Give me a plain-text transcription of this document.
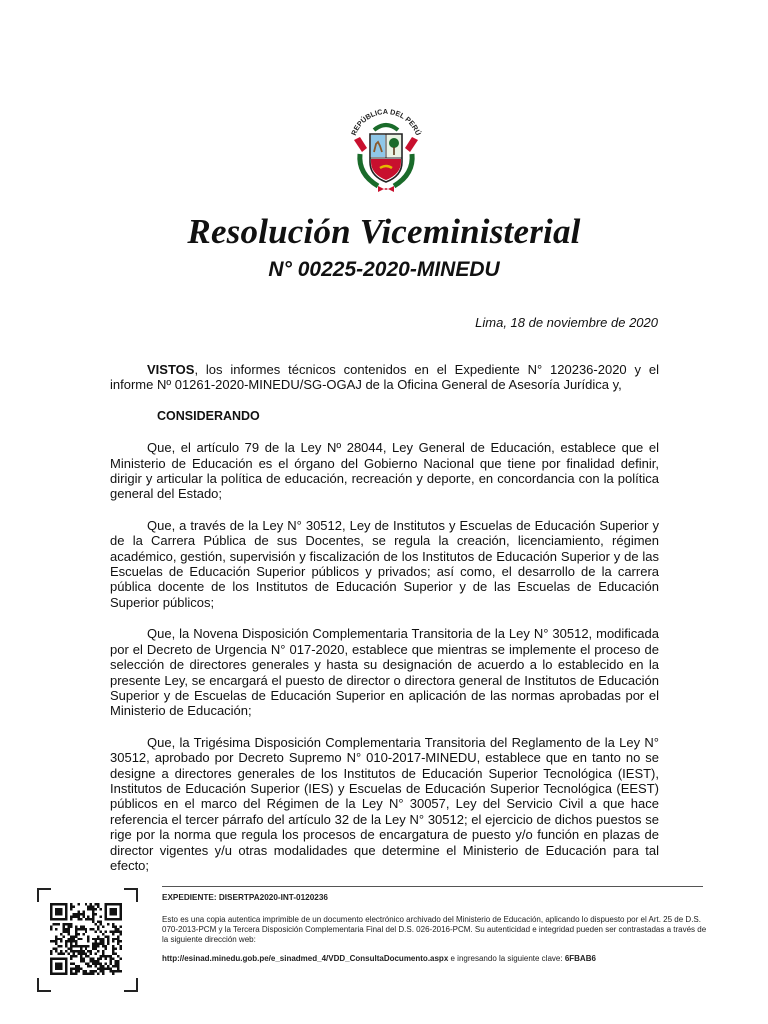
REPÚBLICA DEL PERÚ
Resolución Viceministerial
N° 00225-2020-MINEDU
Lima, 18 de noviembre de 2020

VISTOS, los informes técnicos contenidos en el Expediente N° 120236-2020 y el informe Nº 01261-2020-MINEDU/SG-OGAJ de la Oficina General de Asesoría Jurídica y,

CONSIDERANDO

Que, el artículo 79 de la Ley Nº 28044, Ley General de Educación, establece que el Ministerio de Educación es el órgano del Gobierno Nacional que tiene por finalidad definir, dirigir y articular la política de educación, recreación y deporte, en concordancia con la política general del Estado;

Que, a través de la Ley N° 30512, Ley de Institutos y Escuelas de Educación Superior y de la Carrera Pública de sus Docentes, se regula la creación, licenciamiento, régimen académico, gestión, supervisión y fiscalización de los Institutos de Educación Superior y de las Escuelas de Educación Superior públicos y privados; así como, el desarrollo de la carrera pública docente de los Institutos de Educación Superior y de las Escuelas de Educación Superior públicos;

Que, la Novena Disposición Complementaria Transitoria de la Ley N° 30512, modificada por el Decreto de Urgencia N° 017-2020, establece que mientras se implemente el proceso de selección de directores generales y hasta su designación de acuerdo a lo establecido en la presente Ley, se encargará el puesto de director o directora general de Institutos de Educación Superior y de Escuelas de Educación Superior en aplicación de las normas aprobadas por el Ministerio de Educación;

Que, la Trigésima Disposición Complementaria Transitoria del Reglamento de la Ley N° 30512, aprobado por Decreto Supremo N° 010-2017-MINEDU, establece que en tanto no se designe a directores generales de los Institutos de Educación Superior Tecnológica (IEST), Institutos de Educación Superior (IES) y Escuelas de Educación Superior Tecnológica (EEST) públicos en el marco del Régimen de la Ley N° 30057, Ley del Servicio Civil a que hace referencia el tercer párrafo del artículo 32 de la Ley N° 30512; el ejercicio de dichos puestos se rige por la norma que regula los procesos de encargatura de puesto y/o función en plazas de director vigentes y/u otras modalidades que determine el Ministerio de Educación para tal efecto;

EXPEDIENTE: DISERTPA2020-INT-0120236
Esto es una copia autentica imprimible de un documento electrónico archivado del Ministerio de Educación, aplicando lo dispuesto por el Art. 25 de D.S. 070-2013-PCM y la Tercera Disposición Complementaria Final del D.S. 026-2016-PCM. Su autenticidad e integridad pueden ser contrastadas a través de la siguiente dirección web:
http://esinad.minedu.gob.pe/e_sinadmed_4/VDD_ConsultaDocumento.aspx e ingresando la siguiente clave: 6FBAB6
